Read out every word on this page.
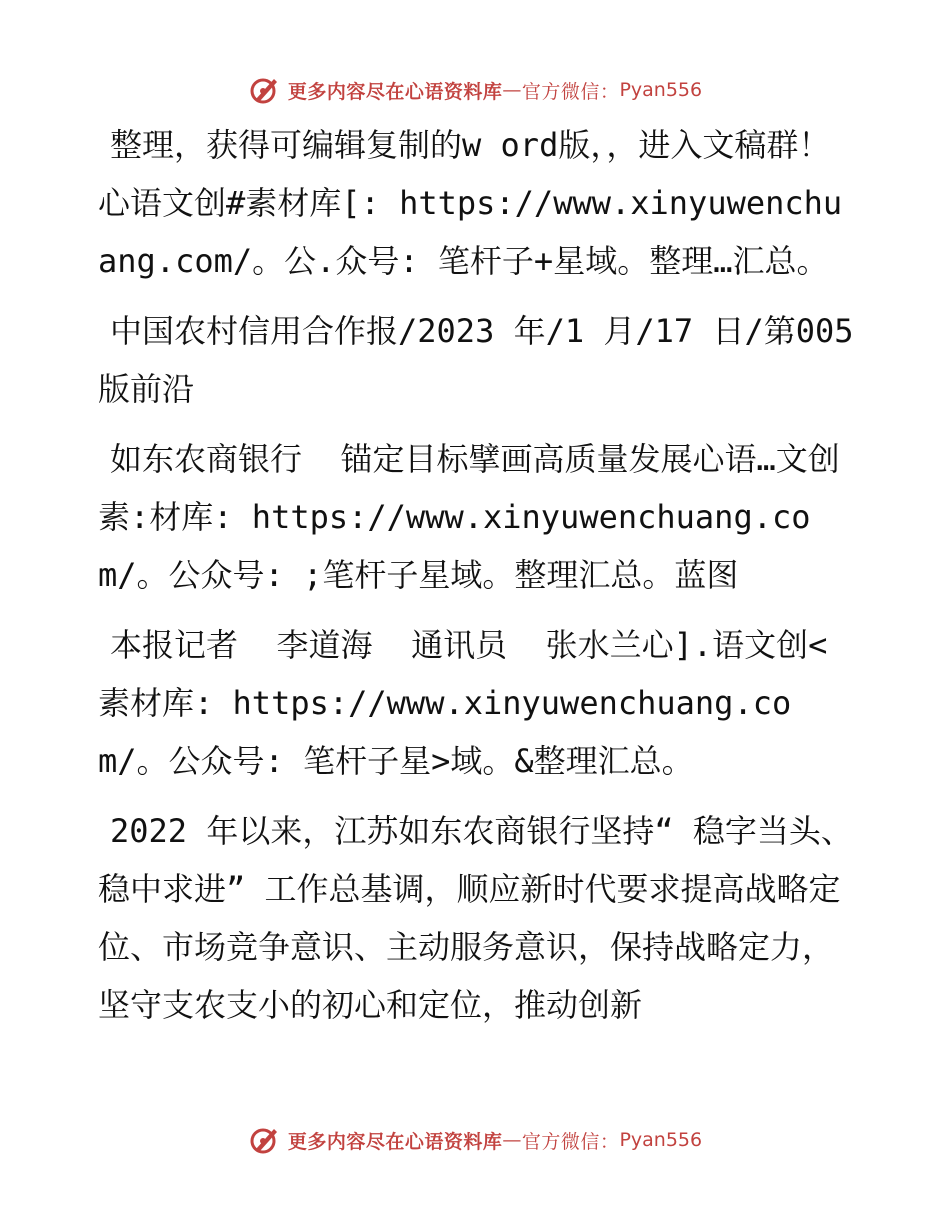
更多内容尽在心语资料库 — 官方微信： Pyan556

整理，获得可编辑复制的w ord版，，进入文稿群！心语文创#素材库[: https://www.xinyuwenchuang.com/。公.众号: 笔杆子+星域。整理…汇总。

中国农村信用合作报/2023 年/1 月/17 日/第005 版前沿

如东农商银行  锚定目标擘画高质量发展心语…文创素:材库: https://www.xinyuwenchuang.com/。公众号: ;笔杆子星域。整理汇总。蓝图

本报记者  李道海  通讯员  张水兰心].语文创<素材库: https://www.xinyuwenchuang.com/。公众号: 笔杆子星>域。&整理汇总。

2022 年以来，江苏如东农商银行坚持“ 稳字当头、稳中求进” 工作总基调，顺应新时代要求提高战略定位、市场竞争意识、主动服务意识，保持战略定力，坚守支农支小的初心和定位，推动创新

更多内容尽在心语资料库 — 官方微信： Pyan556
